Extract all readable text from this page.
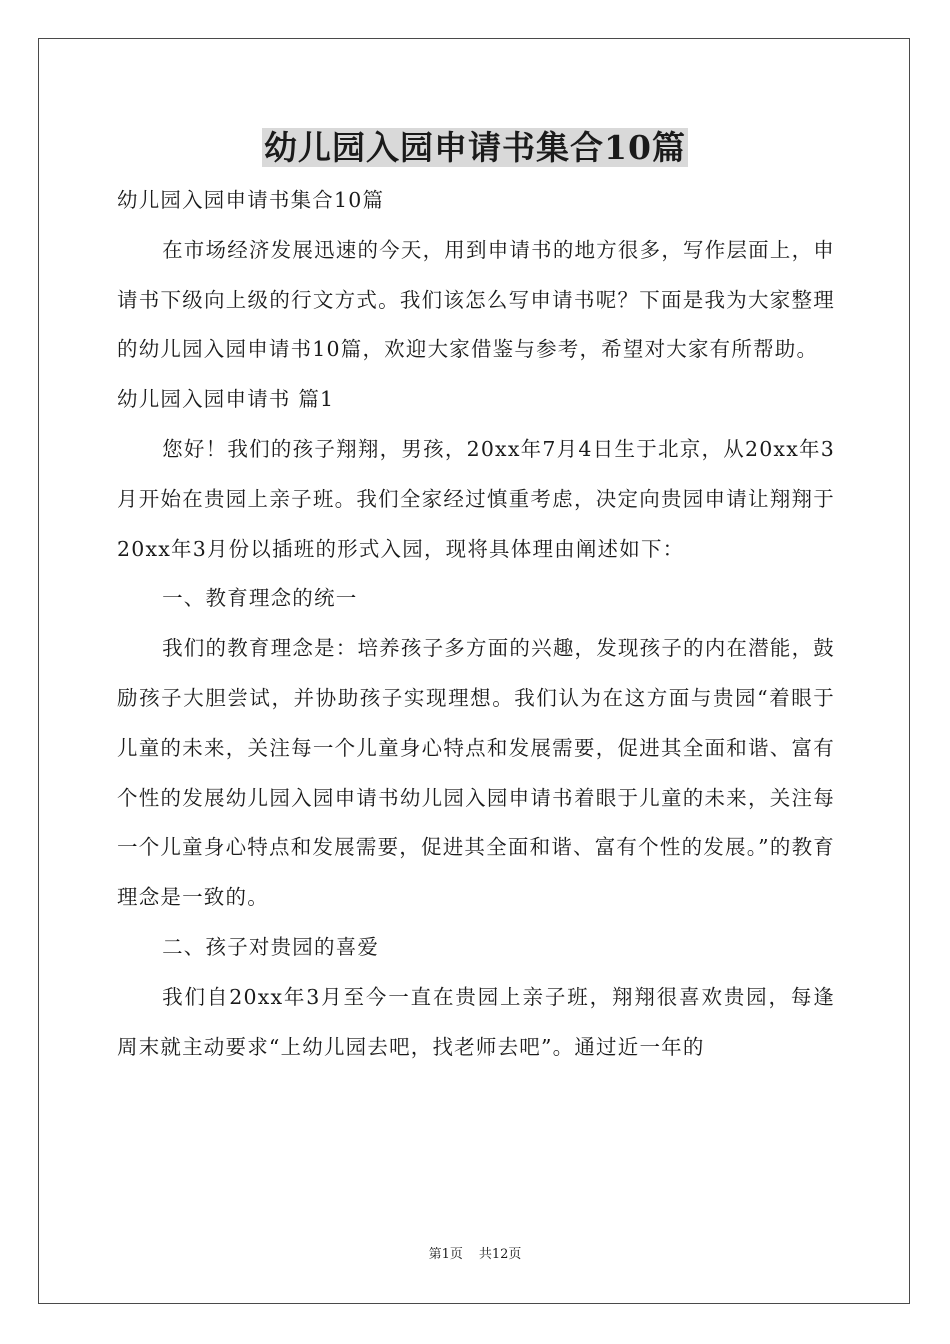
幼儿园入园申请书集合10篇

幼儿园入园申请书集合10篇

在市场经济发展迅速的今天，用到申请书的地方很多，写作层面上，申请书下级向上级的行文方式。我们该怎么写申请书呢？下面是我为大家整理的幼儿园入园申请书10篇，欢迎大家借鉴与参考，希望对大家有所帮助。

幼儿园入园申请书 篇1

您好！我们的孩子翔翔，男孩，20xx年7月4日生于北京，从20xx年3月开始在贵园上亲子班。我们全家经过慎重考虑，决定向贵园申请让翔翔于20xx年3月份以插班的形式入园，现将具体理由阐述如下：

一、教育理念的统一

我们的教育理念是：培养孩子多方面的兴趣，发现孩子的内在潜能，鼓励孩子大胆尝试，并协助孩子实现理想。我们认为在这方面与贵园“着眼于儿童的未来，关注每一个儿童身心特点和发展需要，促进其全面和谐、富有个性的发展幼儿园入园申请书幼儿园入园申请书着眼于儿童的未来，关注每一个儿童身心特点和发展需要，促进其全面和谐、富有个性的发展。”的教育理念是一致的。

二、孩子对贵园的喜爱

我们自20xx年3月至今一直在贵园上亲子班，翔翔很喜欢贵园，每逢周末就主动要求“上幼儿园去吧，找老师去吧”。通过近一年的

第1页 共12页
